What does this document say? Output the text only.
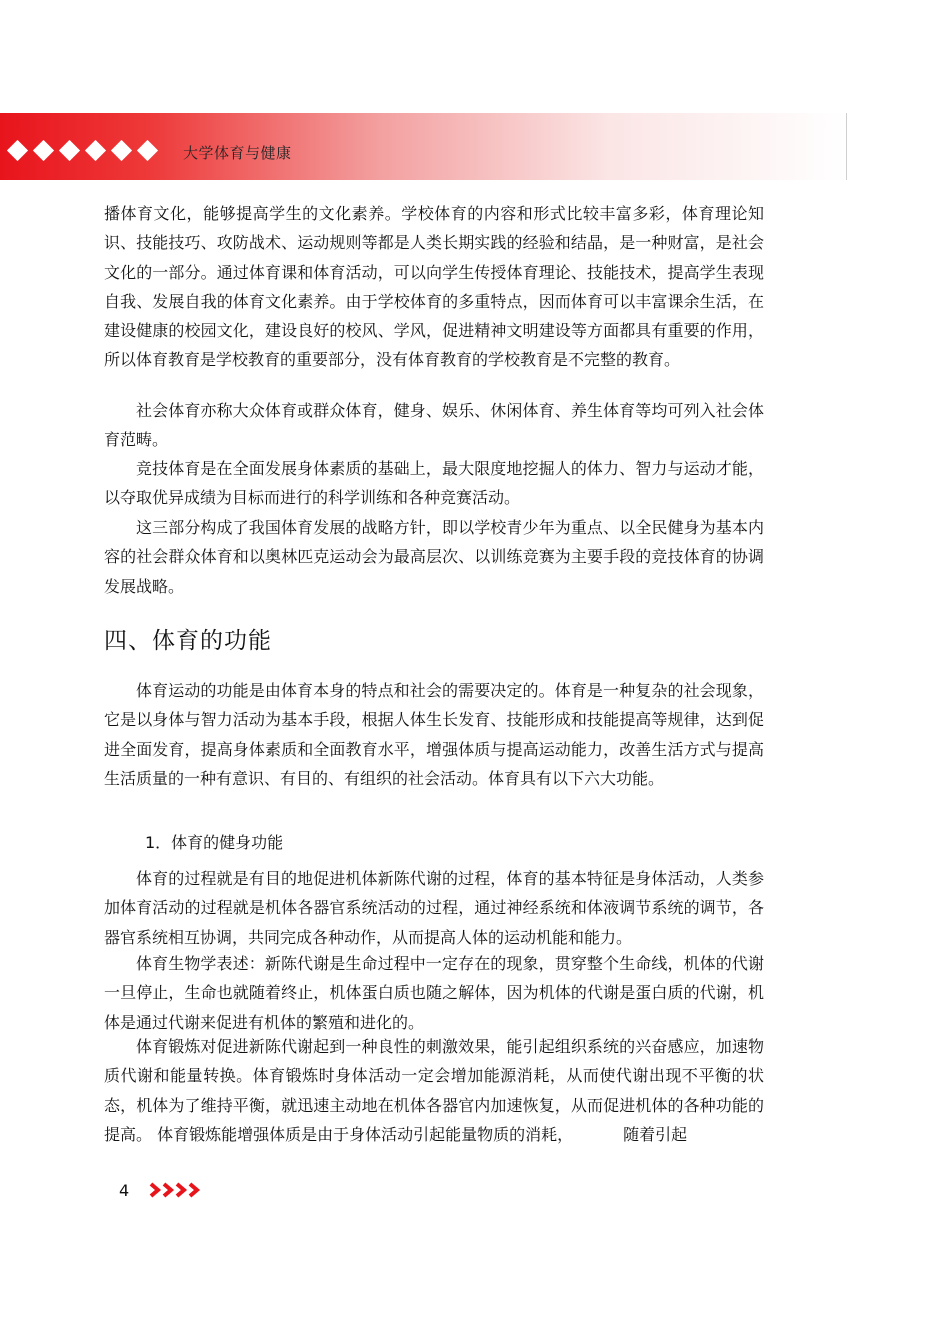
大学体育与健康

播体育文化，能够提高学生的文化素养。学校体育的内容和形式比较丰富多彩，体育理论知识、技能技巧、攻防战术、运动规则等都是人类长期实践的经验和结晶，是一种财富，是社会文化的一部分。通过体育课和体育活动，可以向学生传授体育理论、技能技术，提高学生表现自我、发展自我的体育文化素养。由于学校体育的多重特点，因而体育可以丰富课余生活，在建设健康的校园文化，建设良好的校风、学风，促进精神文明建设等方面都具有重要的作用，所以体育教育是学校教育的重要部分，没有体育教育的学校教育是不完整的教育。

社会体育亦称大众体育或群众体育，健身、娱乐、休闲体育、养生体育等均可列入社会体育范畴。

竞技体育是在全面发展身体素质的基础上，最大限度地挖掘人的体力、智力与运动才能，以夺取优异成绩为目标而进行的科学训练和各种竞赛活动。

这三部分构成了我国体育发展的战略方针，即以学校青少年为重点、以全民健身为基本内容的社会群众体育和以奥林匹克运动会为最高层次、以训练竞赛为主要手段的竞技体育的协调发展战略。

四、体育的功能

体育运动的功能是由体育本身的特点和社会的需要决定的。体育是一种复杂的社会现象，它是以身体与智力活动为基本手段，根据人体生长发育、技能形成和技能提高等规律，达到促进全面发育，提高身体素质和全面教育水平，增强体质与提高运动能力，改善生活方式与提高生活质量的一种有意识、有目的、有组织的社会活动。体育具有以下六大功能。

1．体育的健身功能

体育的过程就是有目的地促进机体新陈代谢的过程，体育的基本特征是身体活动，人类参加体育活动的过程就是机体各器官系统活动的过程，通过神经系统和体液调节系统的调节，各器官系统相互协调，共同完成各种动作，从而提高人体的运动机能和能力。

体育生物学表述：新陈代谢是生命过程中一定存在的现象，贯穿整个生命线，机体的代谢一旦停止，生命也就随着终止，机体蛋白质也随之解体，因为机体的代谢是蛋白质的代谢，机体是通过代谢来促进有机体的繁殖和进化的。

体育锻炼对促进新陈代谢起到一种良性的刺激效果，能引起组织系统的兴奋感应，加速物质代谢和能量转换。体育锻炼时身体活动一定会增加能源消耗，从而使代谢出现不平衡的状态，机体为了维持平衡，就迅速主动地在机体各器官内加速恢复，从而促进机体的各种功能的提高。 体育锻炼能增强体质是由于身体活动引起能量物质的消耗，	随着引起

4
